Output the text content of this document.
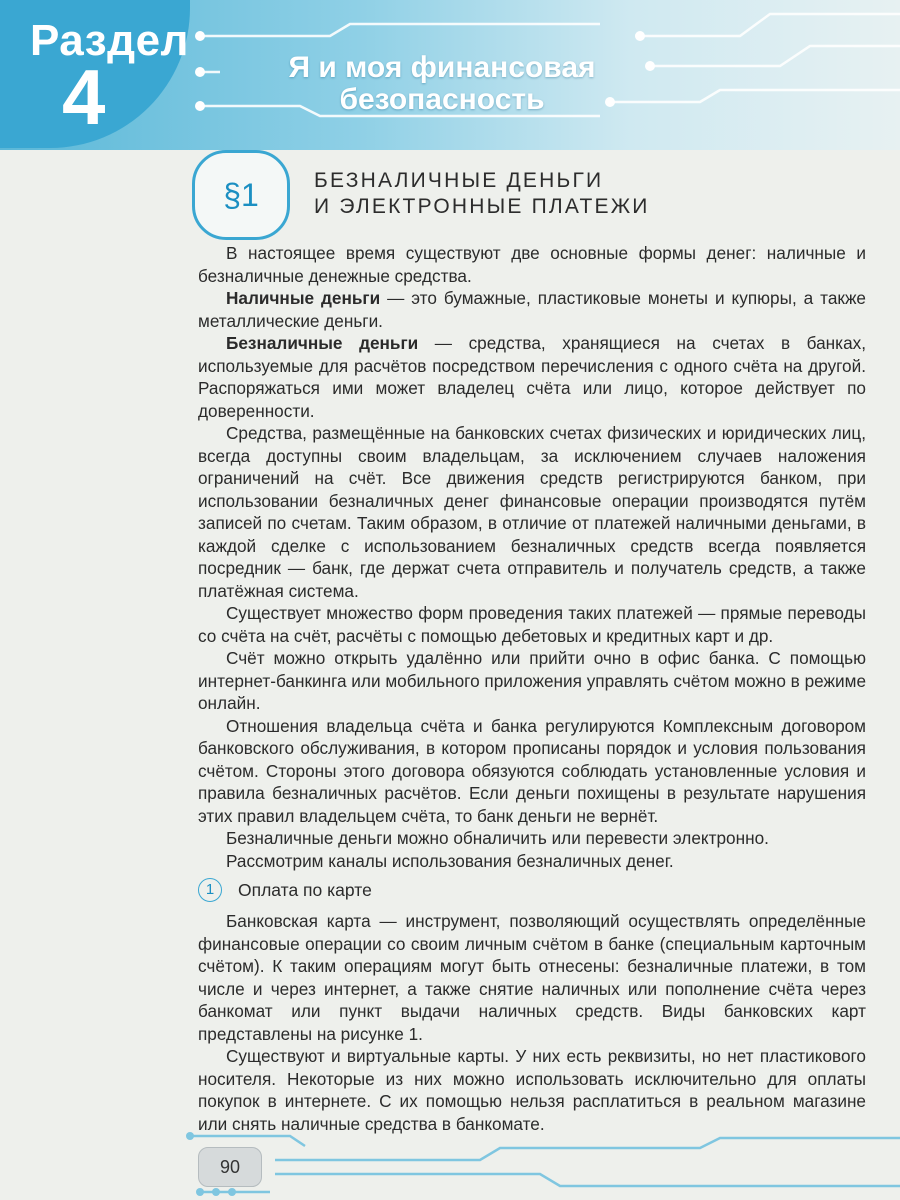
Раздел
4	Я и моя финансовая безопасность
§1	БЕЗНАЛИЧНЫЕ ДЕНЬГИ
И ЭЛЕКТРОННЫЕ ПЛАТЕЖИ

В настоящее время существуют две основные формы денег: наличные и безналичные денежные средства.

Наличные деньги — это бумажные, пластиковые монеты и купюры, а также металлические деньги.

Безналичные деньги — средства, хранящиеся на счетах в банках, используемые для расчётов посредством перечисления с одного счёта на другой. Распоряжаться ими может владелец счёта или лицо, которое действует по доверенности.

Средства, размещённые на банковских счетах физических и юридических лиц, всегда доступны своим владельцам, за исключением случаев наложения ограничений на счёт. Все движения средств регистрируются банком, при использовании безналичных денег финансовые операции производятся путём записей по счетам. Таким образом, в отличие от платежей наличными деньгами, в каждой сделке с использованием безналичных средств всегда появляется посредник — банк, где держат счета отправитель и получатель средств, а также платёжная система.

Существует множество форм проведения таких платежей — прямые переводы со счёта на счёт, расчёты с помощью дебетовых и кредитных карт и др.

Счёт можно открыть удалённо или прийти очно в офис банка. С помощью интернет-банкинга или мобильного приложения управлять счётом можно в режиме онлайн.

Отношения владельца счёта и банка регулируются Комплексным договором банковского обслуживания, в котором прописаны порядок и условия пользования счётом. Стороны этого договора обязуются соблюдать установленные условия и правила безналичных расчётов. Если деньги похищены в результате нарушения этих правил владельцем счёта, то банк деньги не вернёт.

Безналичные деньги можно обналичить или перевести электронно.

Рассмотрим каналы использования безналичных денег.

1	Оплата по карте

Банковская карта — инструмент, позволяющий осуществлять определённые финансовые операции со своим личным счётом в банке (специальным карточным счётом). К таким операциям могут быть отнесены: безналичные платежи, в том числе и через интернет, а также снятие наличных или пополнение счёта через банкомат или пункт выдачи наличных средств. Виды банковских карт представлены на рисунке 1.

Существуют и виртуальные карты. У них есть реквизиты, но нет пластикового носителя. Некоторые из них можно использовать исключительно для оплаты покупок в интернете. С их помощью нельзя расплатиться в реальном магазине или снять наличные средства в банкомате.

90
